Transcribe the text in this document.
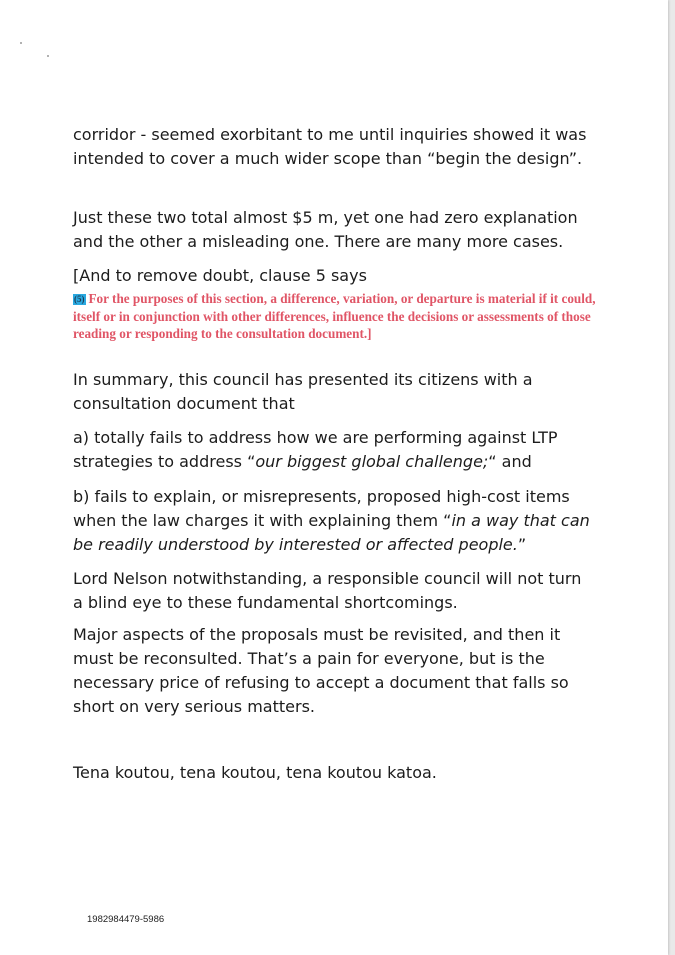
corridor - seemed exorbitant to me until inquiries showed it was intended to cover a much wider scope than “begin the design”.

Just these two total almost $5 m, yet one had zero explanation and the other a misleading one. There are many more cases.

[And to remove doubt, clause 5 says

(5) For the purposes of this section, a difference, variation, or departure is material if it could, itself or in conjunction with other differences, influence the decisions or assessments of those reading or responding to the consultation document.]

In summary, this council has presented its citizens with a consultation document that

a) totally fails to address how we are performing against LTP strategies to address “our biggest global challenge;“ and

b) fails to explain, or misrepresents, proposed high-cost items when the law charges it with explaining them “in a way that can be readily understood by interested or affected people.”

Lord Nelson notwithstanding, a responsible council will not turn a blind eye to these fundamental shortcomings.

Major aspects of the proposals must be revisited, and then it must be reconsulted. That’s a pain for everyone, but is the necessary price of refusing to accept a document that falls so short on very serious matters.

Tena koutou, tena koutou, tena koutou katoa.

1982984479-5986
